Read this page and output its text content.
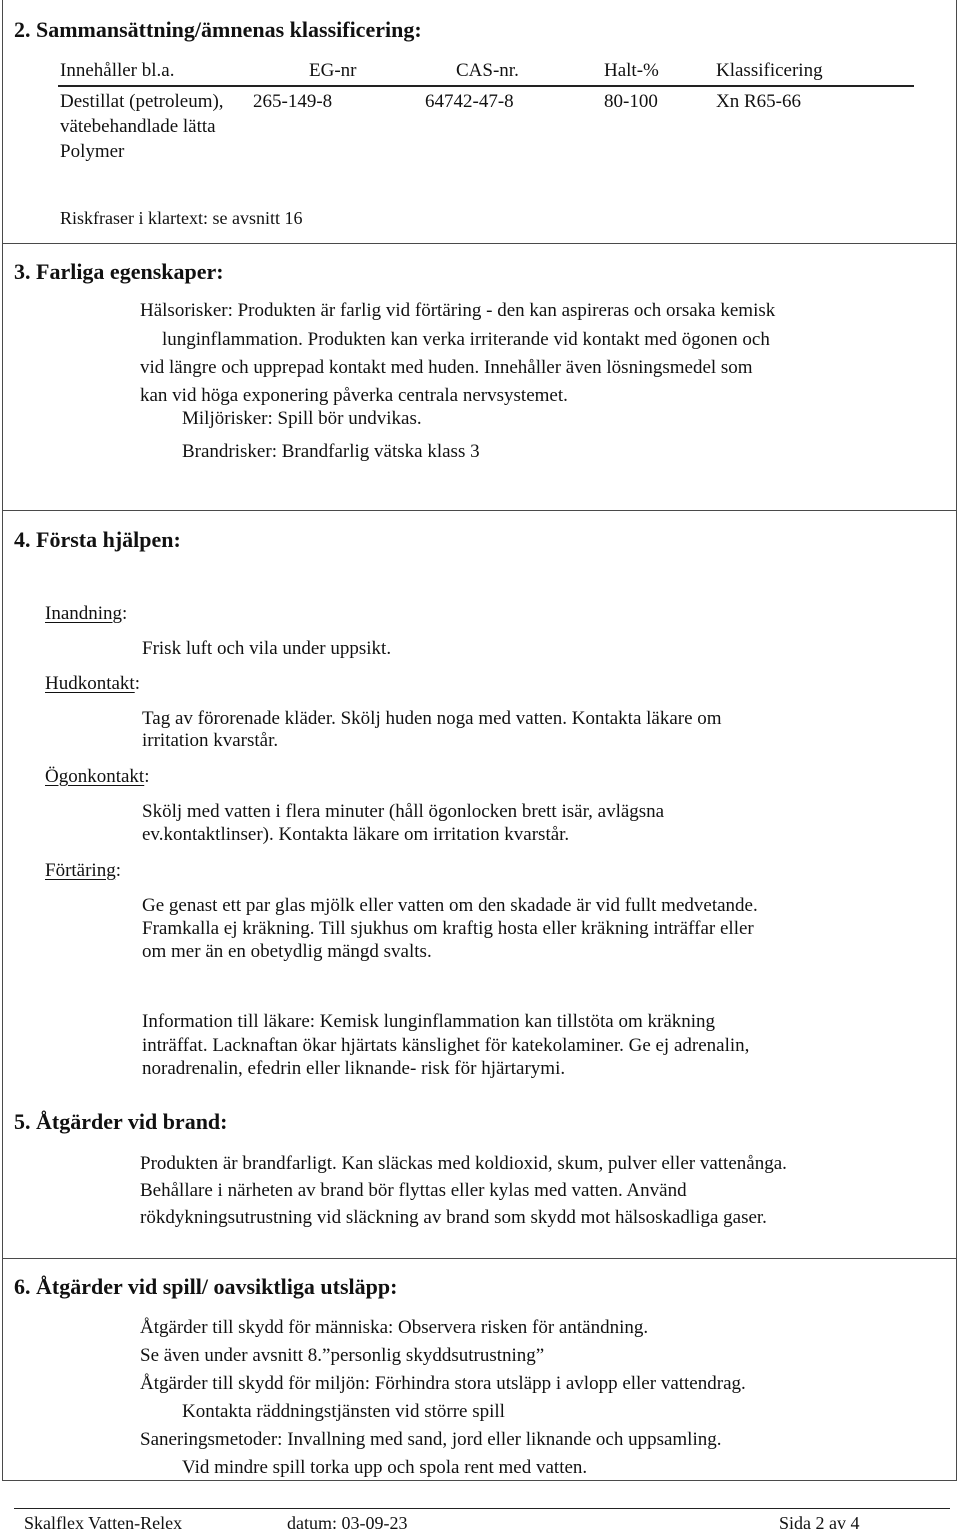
2. Sammansättning/ämnenas klassificering:
Innehåller bl.a.	EG-nr	CAS-nr.	Halt-%	Klassificering
Destillat (petroleum),
vätebehandlade lätta
Polymer
265-149-8	64742-47-8	80-100	Xn R65-66
Riskfraser i klartext: se avsnitt 16
3. Farliga egenskaper:
Hälsorisker: Produkten är farlig vid förtäring - den kan aspireras och orsaka kemisk
lunginflammation. Produkten kan verka irriterande vid kontakt med ögonen och
vid längre och upprepad kontakt med huden. Innehåller även lösningsmedel som
kan vid höga exponering påverka centrala nervsystemet.
Miljörisker: Spill bör undvikas.
Brandrisker: Brandfarlig vätska klass 3
4. Första hjälpen:
Inandning:
Frisk luft och vila under uppsikt.
Hudkontakt:
Tag av förorenade kläder. Skölj huden noga med vatten. Kontakta läkare om
irritation kvarstår.
Ögonkontakt:
Skölj med vatten i flera minuter (håll ögonlocken brett isär, avlägsna
ev.kontaktlinser). Kontakta läkare om irritation kvarstår.
Förtäring:
Ge genast ett par glas mjölk eller vatten om den skadade är vid fullt medvetande.
Framkalla ej kräkning. Till sjukhus om kraftig hosta eller kräkning inträffar eller
om mer än en obetydlig mängd svalts.
Information till läkare: Kemisk lunginflammation kan tillstöta om kräkning
inträffat. Lacknaftan ökar hjärtats känslighet för katekolaminer. Ge ej adrenalin,
noradrenalin, efedrin eller liknande- risk för hjärtarymi.
5. Åtgärder vid brand:
Produkten är brandfarligt. Kan släckas med koldioxid, skum, pulver eller vattenånga.
Behållare i närheten av brand bör flyttas eller kylas med vatten. Använd
rökdykningsutrustning vid släckning av brand som skydd mot hälsoskadliga gaser.
6. Åtgärder vid spill/ oavsiktliga utsläpp:
Åtgärder till skydd för människa: Observera risken för antändning.
Se även under avsnitt 8.”personlig skyddsutrustning”
Åtgärder till skydd för miljön: Förhindra stora utsläpp i avlopp eller vattendrag.
Kontakta räddningstjänsten vid större spill
Saneringsmetoder: Invallning med sand, jord eller liknande och uppsamling.
Vid mindre spill torka upp och spola rent med vatten.
Skalflex Vatten-Relex	datum: 03-09-23	Sida 2 av 4
